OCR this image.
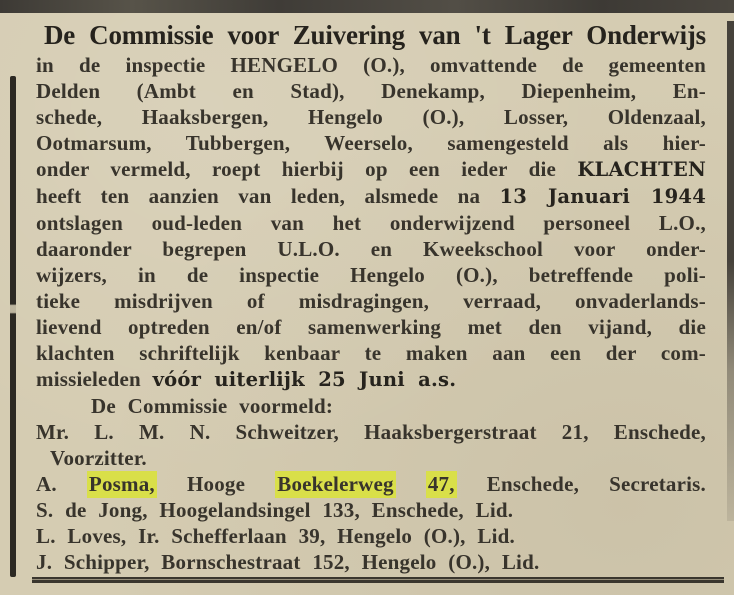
De Commissie voor Zuivering van 't Lager Onderwijs
in de inspectie HENGELO (O.), omvattende de gemeenten
Delden (Ambt en Stad), Denekamp, Diepenheim, En-
schede, Haaksbergen, Hengelo (O.), Losser, Oldenzaal,
Ootmarsum, Tubbergen, Weerselo, samengesteld als hier-
onder vermeld, roept hierbij op een ieder die KLACHTEN
heeft ten aanzien van leden, alsmede na 13 Januari 1944
ontslagen oud-leden van het onderwijzend personeel L.O.,
daaronder begrepen U.L.O. en Kweekschool voor onder-
wijzers, in de inspectie Hengelo (O.), betreffende poli-
tieke misdrijven of misdragingen, verraad, onvaderlands-
lievend optreden en/of samenwerking met den vijand, die
klachten schriftelijk kenbaar te maken aan een der com-
missieleden vóór uiterlijk 25 Juni a.s.
De Commissie voormeld:
Mr. L. M. N. Schweitzer, Haaksbergerstraat 21, Enschede,
Voorzitter.
A. Posma, Hooge Boekelerweg 47, Enschede, Secretaris.
S. de Jong, Hoogelandsingel 133, Enschede, Lid.
L. Loves, Ir. Schefferlaan 39, Hengelo (O.), Lid.
J. Schipper, Bornschestraat 152, Hengelo (O.), Lid.
